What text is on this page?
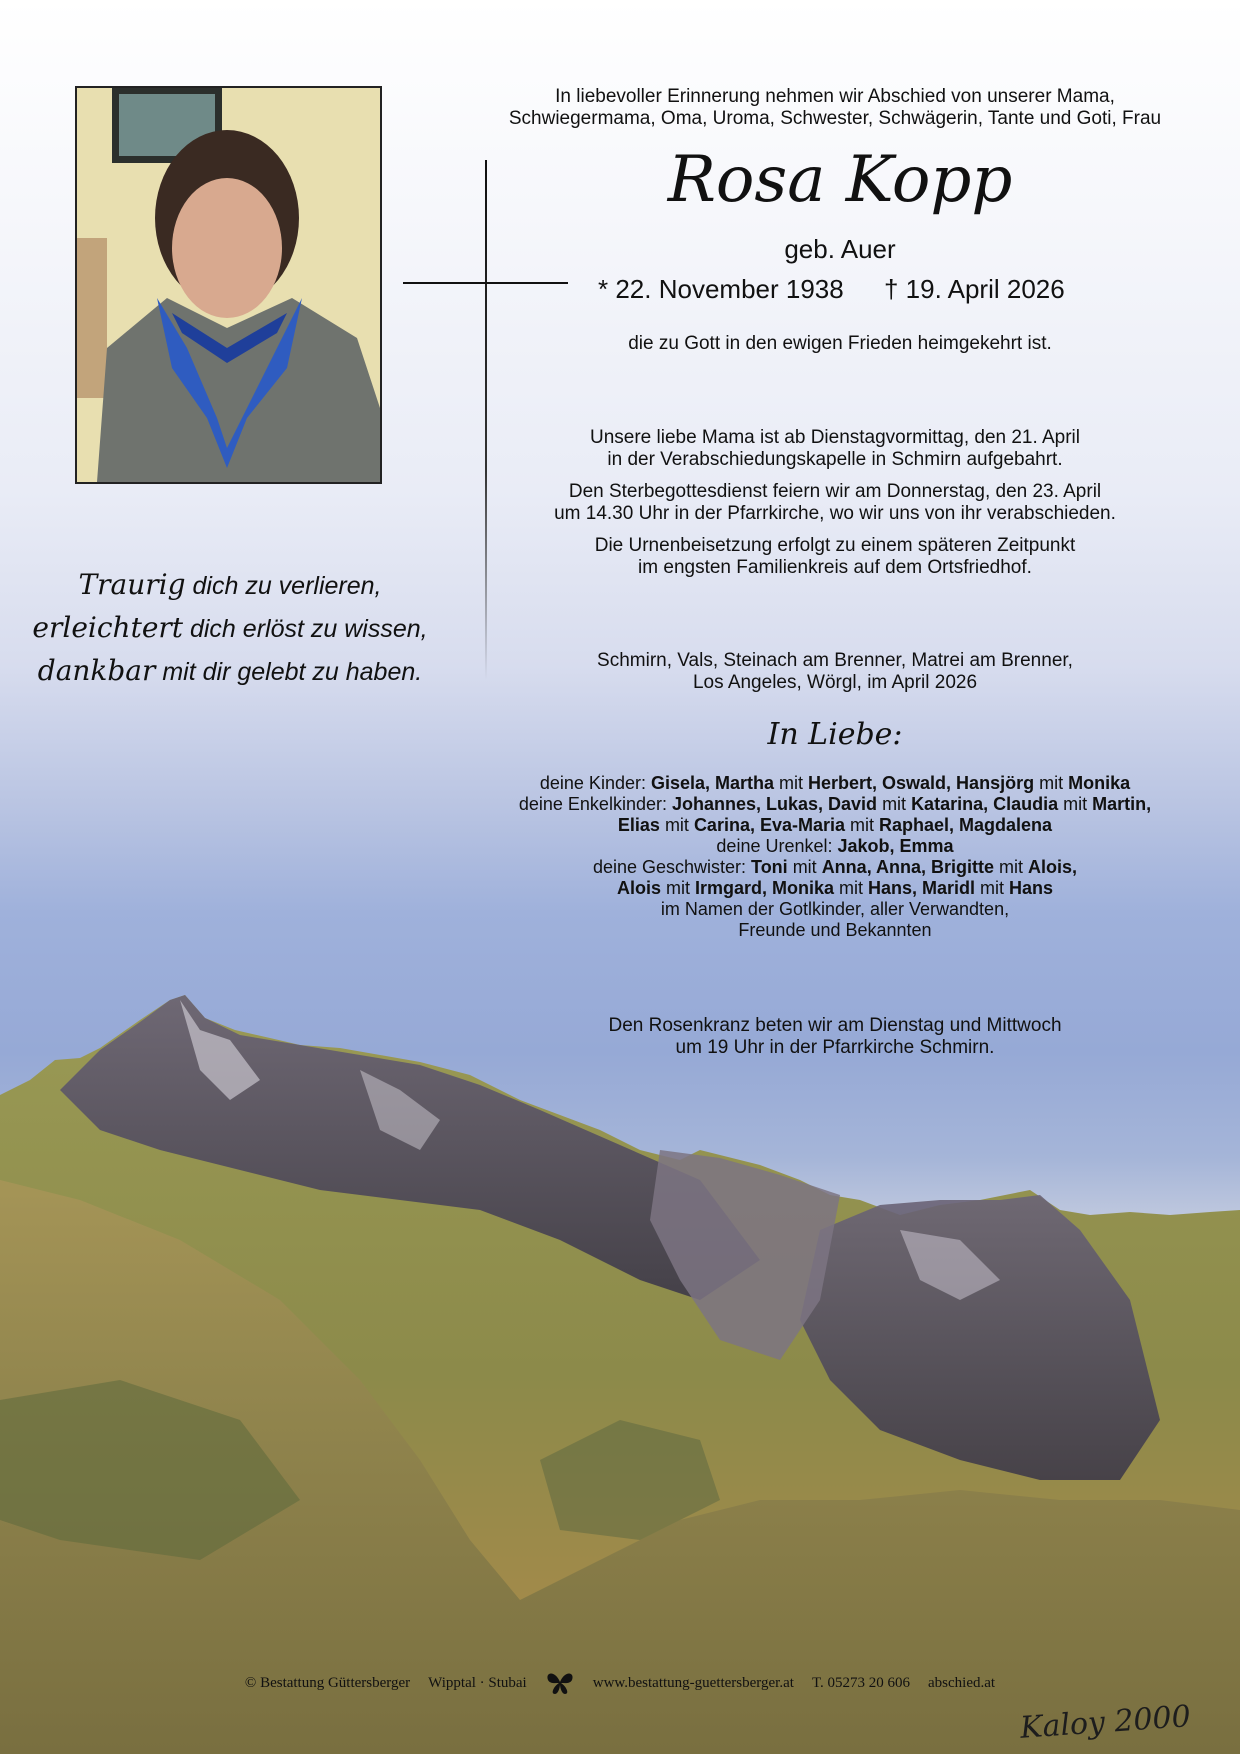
In liebevoller Erinnerung nehmen wir Abschied von unserer Mama,
Schwiegermama, Oma, Uroma, Schwester, Schwägerin, Tante und Goti, Frau
Rosa Kopp
geb. Auer
* 22. November 1938 † 19. April 2026
die zu Gott in den ewigen Frieden heimgekehrt ist.
Traurig dich zu verlieren,
erleichtert dich erlöst zu wissen,
dankbar mit dir gelebt zu haben.
Unsere liebe Mama ist ab Dienstagvormittag, den 21. April
in der Verabschiedungskapelle in Schmirn aufgebahrt.
Den Sterbegottesdienst feiern wir am Donnerstag, den 23. April
um 14.30 Uhr in der Pfarrkirche, wo wir uns von ihr verabschieden.
Die Urnenbeisetzung erfolgt zu einem späteren Zeitpunkt
im engsten Familienkreis auf dem Ortsfriedhof.
Schmirn, Vals, Steinach am Brenner, Matrei am Brenner,
Los Angeles, Wörgl, im April 2026
In Liebe:
deine Kinder: Gisela, Martha mit Herbert, Oswald, Hansjörg mit Monika
deine Enkelkinder: Johannes, Lukas, David mit Katarina, Claudia mit Martin,
Elias mit Carina, Eva-Maria mit Raphael, Magdalena
deine Urenkel: Jakob, Emma
deine Geschwister: Toni mit Anna, Anna, Brigitte mit Alois,
Alois mit Irmgard, Monika mit Hans, Maridl mit Hans
im Namen der Gotlkinder, aller Verwandten,
Freunde und Bekannten
Den Rosenkranz beten wir am Dienstag und Mittwoch
um 19 Uhr in der Pfarrkirche Schmirn.
© Bestattung Güttersberger Wipptal · Stubai	www.bestattung-guettersberger.at T. 05273 20 606 abschied.at
Kaloy 2000
